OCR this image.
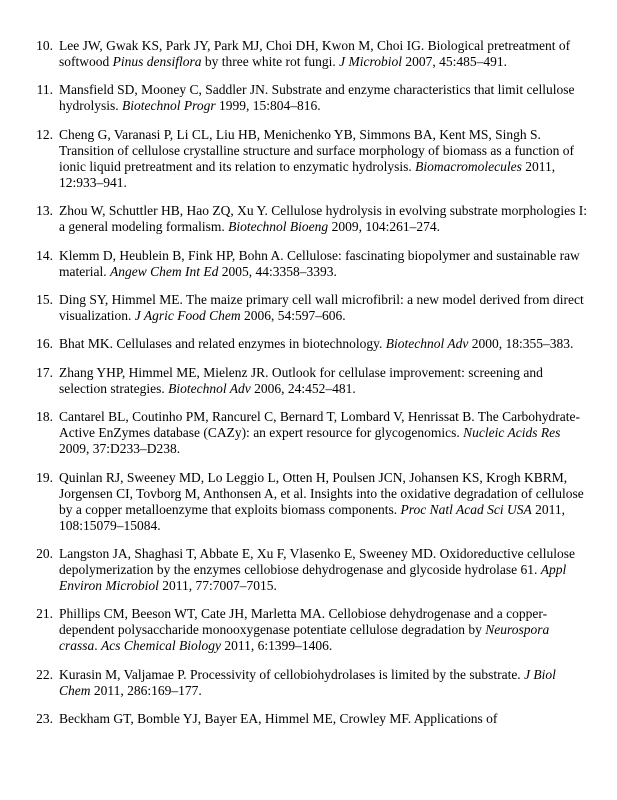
10. Lee JW, Gwak KS, Park JY, Park MJ, Choi DH, Kwon M, Choi IG. Biological pretreatment of softwood Pinus densiflora by three white rot fungi. J Microbiol 2007, 45:485–491.
11. Mansfield SD, Mooney C, Saddler JN. Substrate and enzyme characteristics that limit cellulose hydrolysis. Biotechnol Progr 1999, 15:804–816.
12. Cheng G, Varanasi P, Li CL, Liu HB, Menichenko YB, Simmons BA, Kent MS, Singh S. Transition of cellulose crystalline structure and surface morphology of biomass as a function of ionic liquid pretreatment and its relation to enzymatic hydrolysis. Biomacromolecules 2011, 12:933–941.
13. Zhou W, Schuttler HB, Hao ZQ, Xu Y. Cellulose hydrolysis in evolving substrate morphologies I: a general modeling formalism. Biotechnol Bioeng 2009, 104:261–274.
14. Klemm D, Heublein B, Fink HP, Bohn A. Cellulose: fascinating biopolymer and sustainable raw material. Angew Chem Int Ed 2005, 44:3358–3393.
15. Ding SY, Himmel ME. The maize primary cell wall microfibril: a new model derived from direct visualization. J Agric Food Chem 2006, 54:597–606.
16. Bhat MK. Cellulases and related enzymes in biotechnology. Biotechnol Adv 2000, 18:355–383.
17. Zhang YHP, Himmel ME, Mielenz JR. Outlook for cellulase improvement: screening and selection strategies. Biotechnol Adv 2006, 24:452–481.
18. Cantarel BL, Coutinho PM, Rancurel C, Bernard T, Lombard V, Henrissat B. The Carbohydrate-Active EnZymes database (CAZy): an expert resource for glycogenomics. Nucleic Acids Res 2009, 37:D233–D238.
19. Quinlan RJ, Sweeney MD, Lo Leggio L, Otten H, Poulsen JCN, Johansen KS, Krogh KBRM, Jorgensen CI, Tovborg M, Anthonsen A, et al. Insights into the oxidative degradation of cellulose by a copper metalloenzyme that exploits biomass components. Proc Natl Acad Sci USA 2011, 108:15079–15084.
20. Langston JA, Shaghasi T, Abbate E, Xu F, Vlasenko E, Sweeney MD. Oxidoreductive cellulose depolymerization by the enzymes cellobiose dehydrogenase and glycoside hydrolase 61. Appl Environ Microbiol 2011, 77:7007–7015.
21. Phillips CM, Beeson WT, Cate JH, Marletta MA. Cellobiose dehydrogenase and a copper-dependent polysaccharide monooxygenase potentiate cellulose degradation by Neurospora crassa. Acs Chemical Biology 2011, 6:1399–1406.
22. Kurasin M, Valjamae P. Processivity of cellobiohydrolases is limited by the substrate. J Biol Chem 2011, 286:169–177.
23. Beckham GT, Bomble YJ, Bayer EA, Himmel ME, Crowley MF. Applications of
